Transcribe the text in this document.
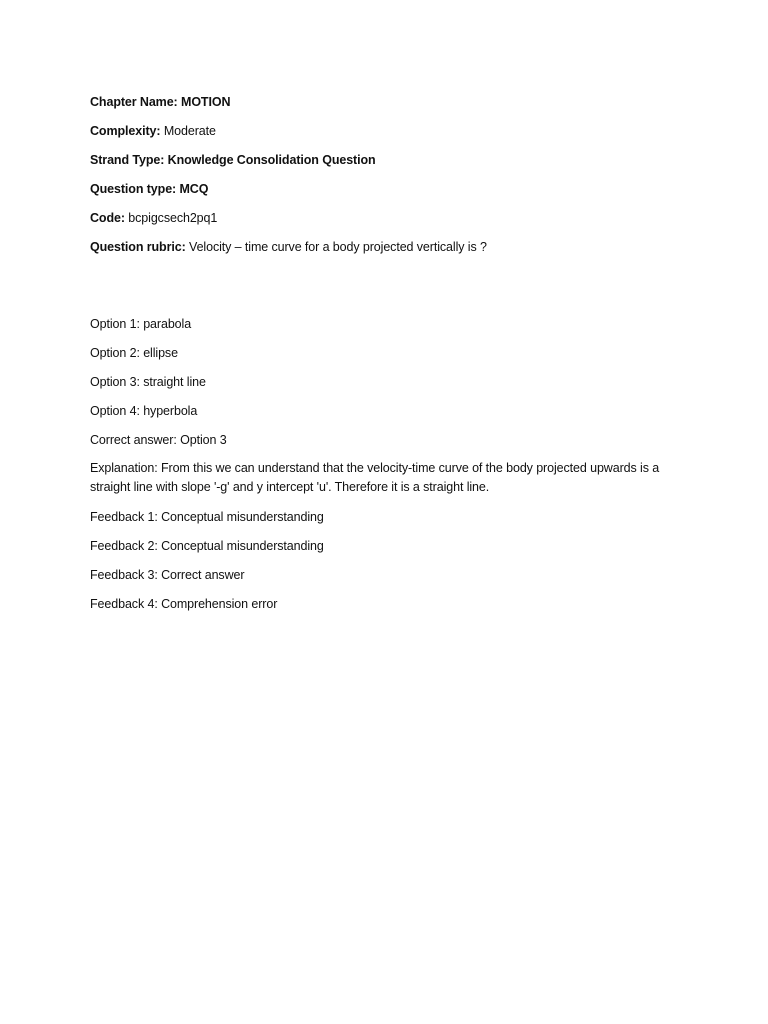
Chapter Name: MOTION
Complexity: Moderate
Strand Type: Knowledge Consolidation Question
Question type: MCQ
Code: bcpigcsech2pq1
Question rubric: Velocity – time curve for a body projected vertically is ?
Option 1: parabola
Option 2: ellipse
Option 3: straight line
Option 4: hyperbola
Correct answer: Option 3
Explanation: From this we can understand that the velocity-time curve of the body projected upwards is a straight line with slope '-g' and y intercept 'u'. Therefore it is a straight line.
Feedback 1: Conceptual misunderstanding
Feedback 2: Conceptual misunderstanding
Feedback 3: Correct answer
Feedback 4: Comprehension error
